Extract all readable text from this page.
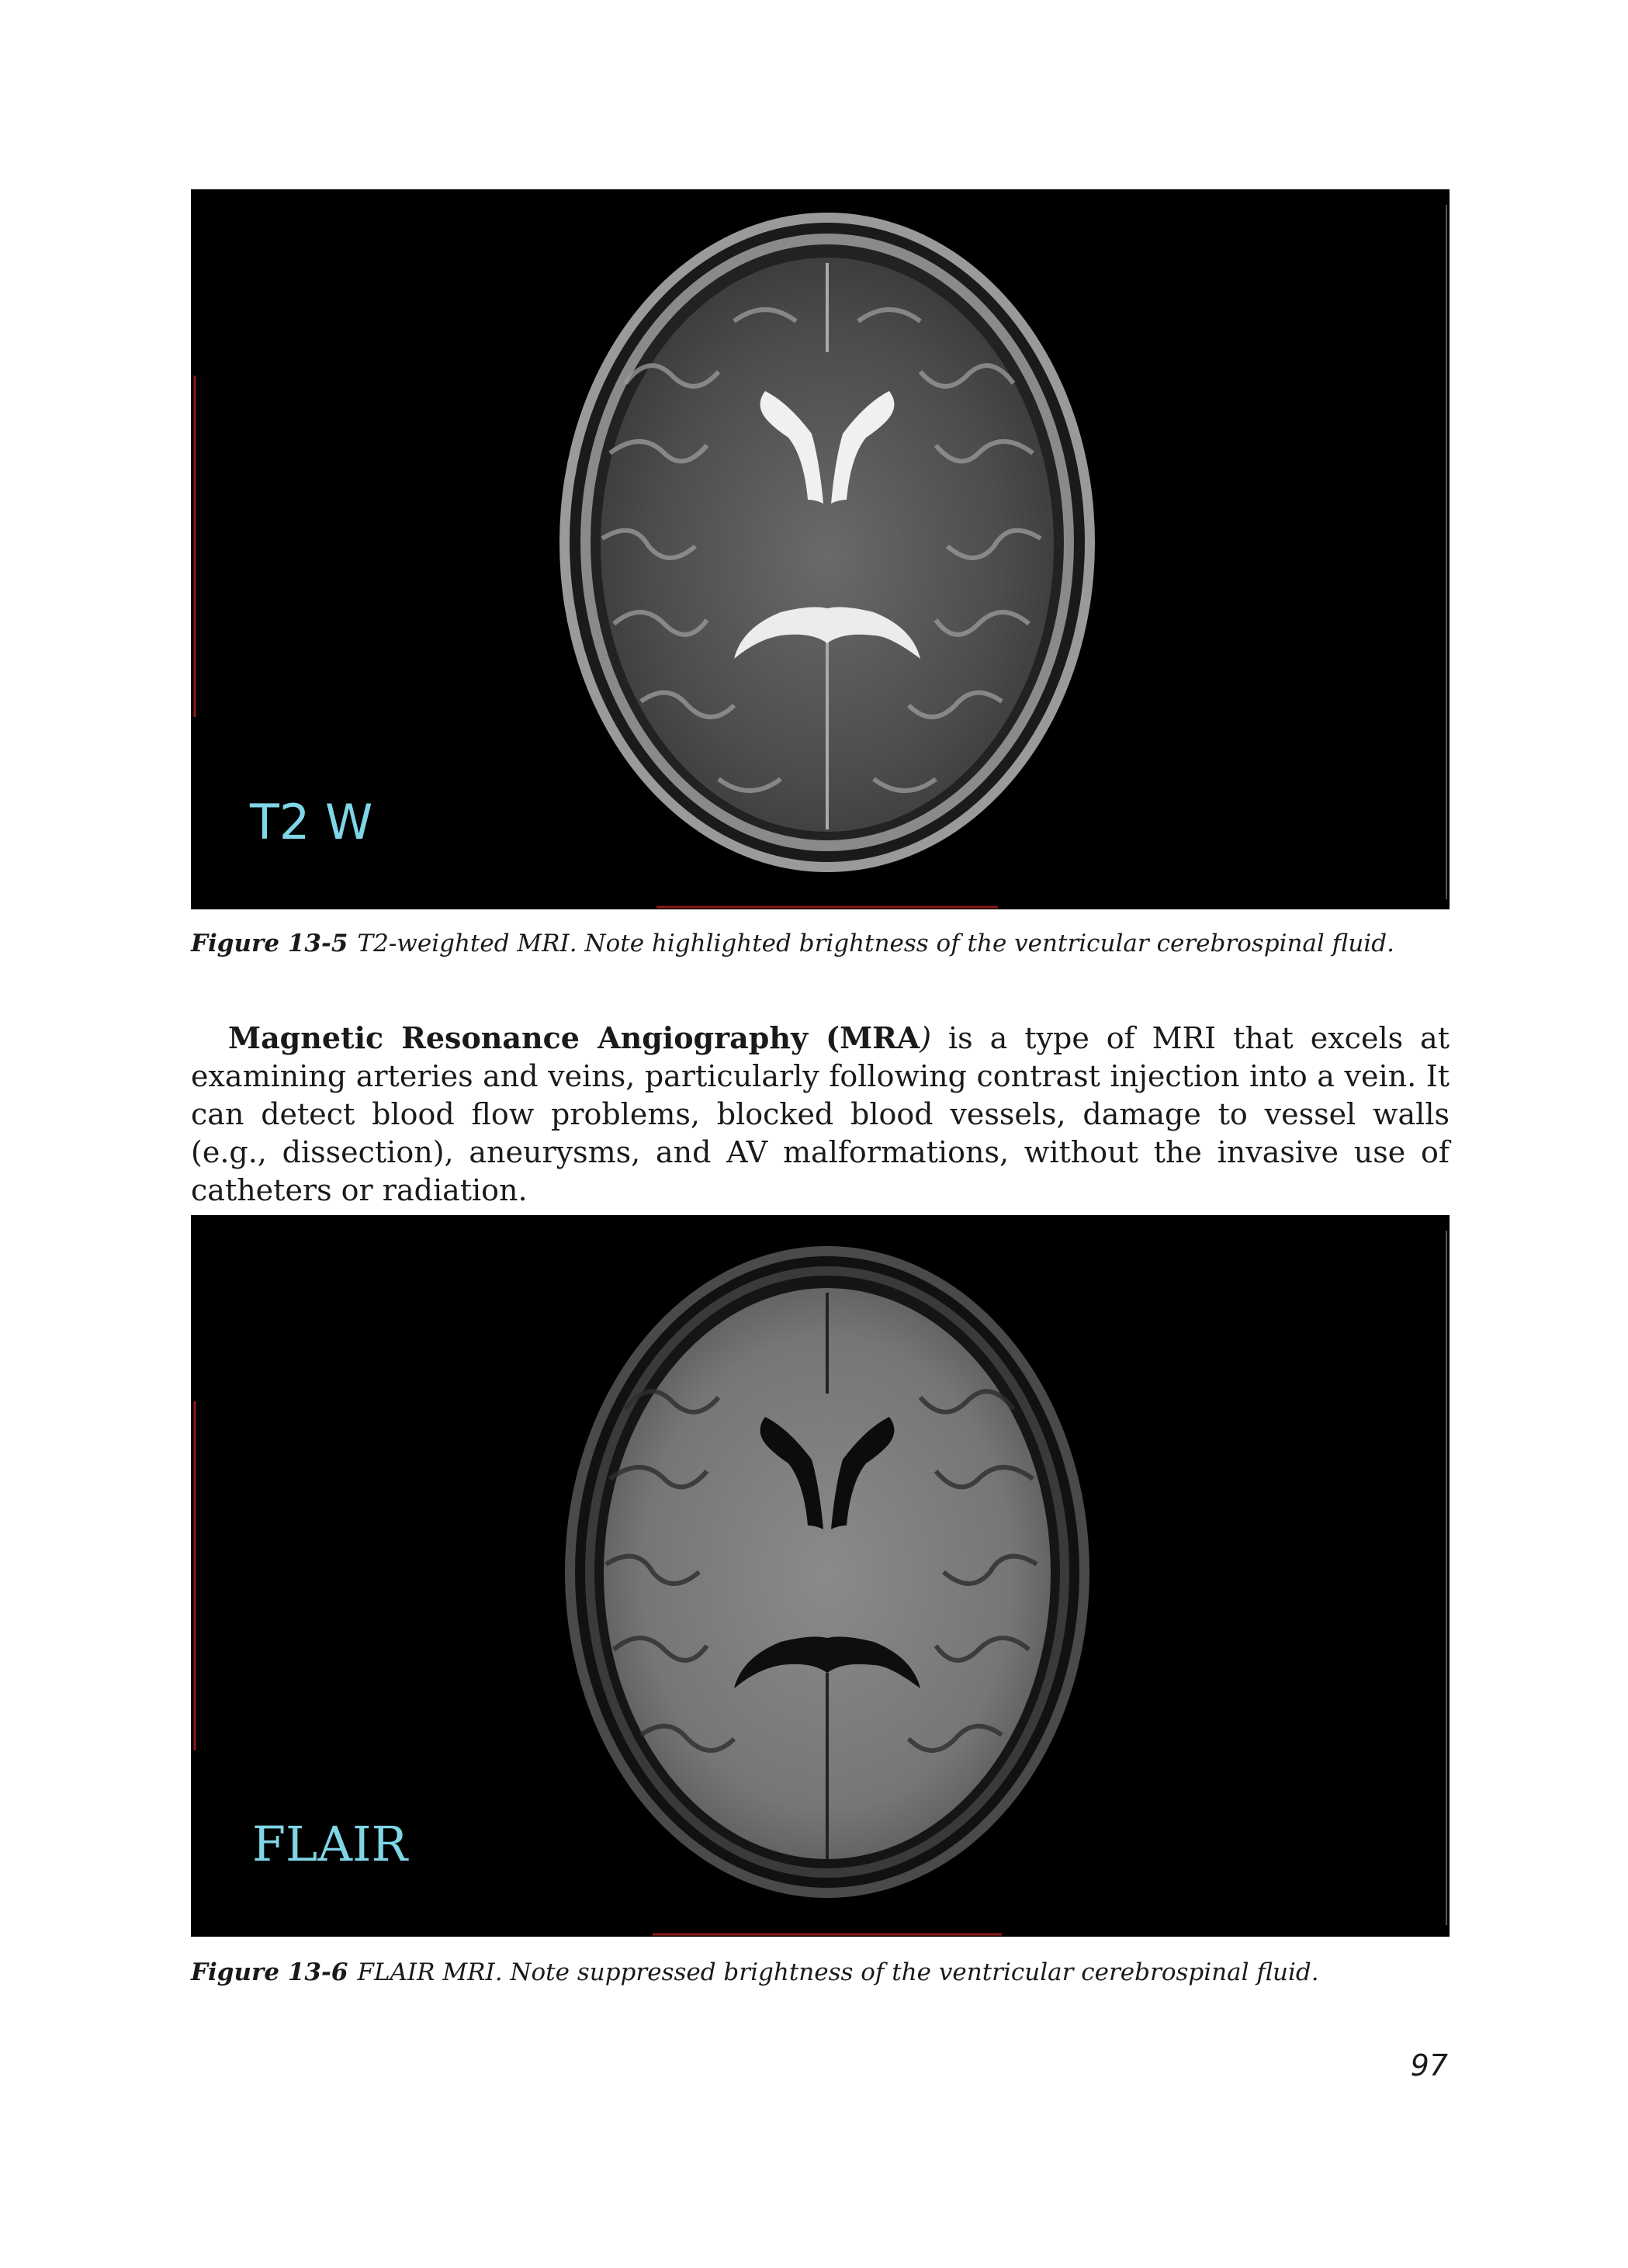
T2 W
Figure 13-5 T2-weighted MRI. Note highlighted brightness of the ventricular cerebrospinal fluid.
Magnetic Resonance Angiography (MRA) is a type of MRI that excels at examining arteries and veins, particularly following contrast injection into a vein. It can detect blood flow problems, blocked blood vessels, damage to vessel walls (e.g., dissection), aneurysms, and AV malformations, without the invasive use of catheters or radiation.
FLAIR
Figure 13-6 FLAIR MRI. Note suppressed brightness of the ventricular cerebrospinal fluid.
97
